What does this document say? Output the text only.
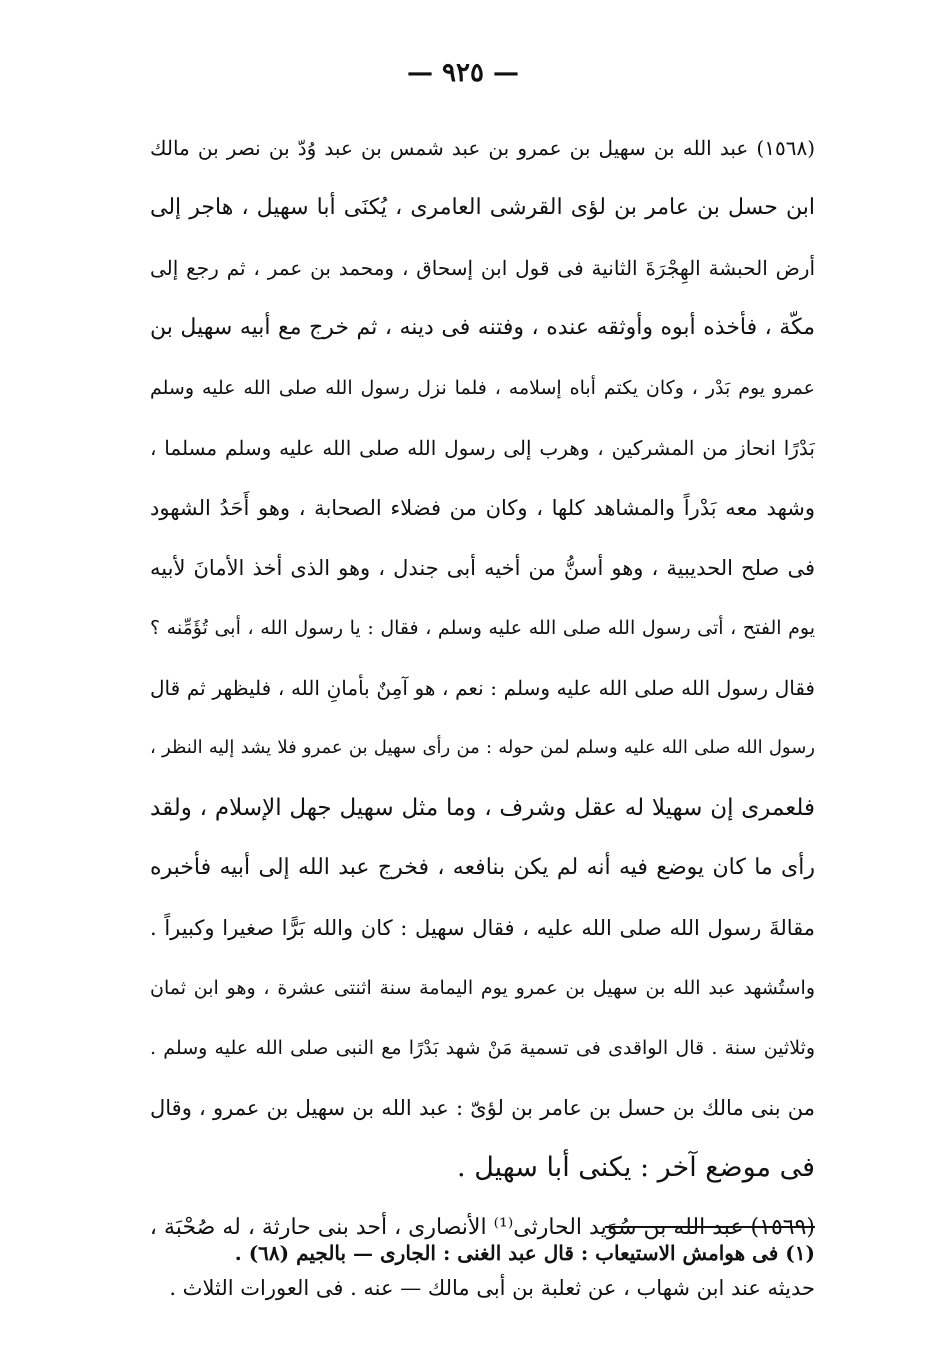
— ٩٢٥ —
(١٥٦٨) عبد الله بن سهيل بن عمرو بن عبد شمس بن عبد وُدّ بن نصر بن مالك
ابن حسل بن عامر بن لؤى القرشى العامرى ، يُكنَى أبا سهيل ، هاجر إلى
أرض الحبشة الهِجْرَةَ الثانية فى قول ابن إسحاق ، ومحمد بن عمر ، ثم رجع إلى
مكّة ، فأخذه أبوه وأوثقه عنده ، وفتنه فى دينه ، ثم خرج مع أبيه سهيل بن
عمرو يوم بَدْر ، وكان يكتم أباه إسلامه ، فلما نزل رسول الله صلى الله عليه وسلم
بَدْرًا انحاز من المشركين ، وهرب إلى رسول الله صلى الله عليه وسلم مسلما ،
وشهد معه بَدْراً والمشاهد كلها ، وكان من فضلاء الصحابة ، وهو أَحَدُ الشهود
فى صلح الحديبية ، وهو أسنُّ من أخيه أبى جندل ، وهو الذى أخذ الأمانَ لأبيه
يوم الفتح ، أتى رسول الله صلى الله عليه وسلم ، فقال : يا رسول الله ، أبى تُؤَمِّنه ؟
فقال رسول الله صلى الله عليه وسلم : نعم ، هو آمِنٌ بأمانِ الله ، فليظهر ثم قال
رسول الله صلى الله عليه وسلم لمن حوله : من رأى سهيل بن عمرو فلا يشد إليه النظر ،
فلعمرى إن سهيلا له عقل وشرف ، وما مثل سهيل جهل الإسلام ، ولقد
رأى ما كان يوضع فيه أنه لم يكن بنافعه ، فخرج عبد الله إلى أبيه فأخبره
مقالةَ رسول الله صلى الله عليه ، فقال سهيل : كان والله بَرًّا صغيرا وكبيراً .
واستُشهد عبد الله بن سهيل بن عمرو يوم اليمامة سنة اثنتى عشرة ، وهو ابن ثمان
وثلاثين سنة . قال الواقدى فى تسمية مَنْ شهد بَدْرًا مع النبى صلى الله عليه وسلم .
من بنى مالك بن حسل بن عامر بن لؤىّ : عبد الله بن سهيل بن عمرو ، وقال
فى موضع آخر : يكنى أبا سهيل .
(١٥٦٩) عبد الله بن سُوَيد الحارثى⁽¹⁾ الأنصارى ، أحد بنى حارثة ، له صُحْبَة ،
حديثه عند ابن شهاب ، عن ثعلبة بن أبى مالك — عنه . فى العورات الثلاث .
(١) فى هوامش الاستيعاب : قال عبد الغنى : الجارى — بالجيم (٦٨) .
